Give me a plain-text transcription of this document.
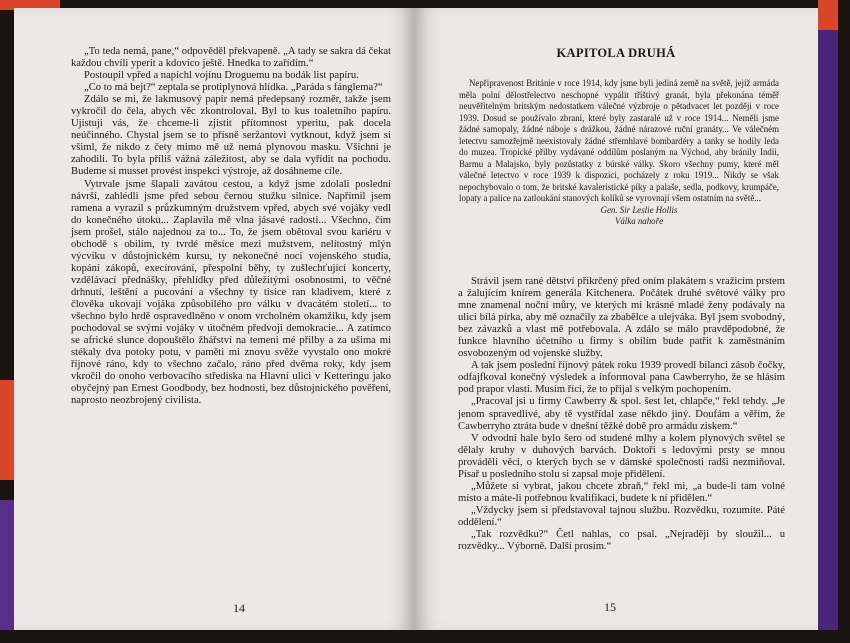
„To teda nemá, pane,“ odpověděl překvapeně. „A tady se sakra dá čekat každou chvíli yperit a kdovíco ještě. Hnedka to zařídím.“

Postoupil vpřed a napíchl vojínu Droguemu na bodák list papíru.

„Co to má bejt?“ zeptala se protiplynová hlídka. „Paráda s fánglema?“

Zdálo se mi, že lakmusový papír nemá předepsaný rozměr, takže jsem vykročil do čela, abych věc zkontroloval. Byl to kus toaletního papíru. Ujistuji vás, že chceme-li zjistit přítomnost yperitu, pak docela neúčinného. Chystal jsem se to přísně seržantovi vytknout, když jsem si všiml, že nikdo z čety mimo mě už nemá plynovou masku. Všichni je zahodili. To byla příliš vážná záležitost, aby se dala vyřídit na pochodu. Budeme si musset provést inspekci výstroje, až dosáhneme cíle.

Vytrvale jsme šlapali zavátou cestou, a když jsme zdolali poslední návrší, zahlédli jsme před sebou černou stužku silnice. Napřímil jsem ramena a vyrazil s průzkumným družstvem vpřed, abych své vojáky vedl do konečného útoku... Zaplavila mě vlna jásavé radosti... Všechno, čím jsem prošel, stálo najednou za to... To, že jsem obětoval svou kariéru v obchodě s obilím, ty tvrdé měsíce mezi mužstvem, nelítostný mlýn výcviku v důstojnickém kursu, ty nekonečné noci vojenského studia, kopání zákopů, execírování, přespolní běhy, ty zušlechťující koncerty, vzdělávací přednášky, přehlídky před důležitými osobnostmi, to věčné drhnutí, leštění a pucování a všechny ty tisíce ran kladivem, které z člověka ukovají vojáka způsobilého pro válku v dvacátém století... to všechno bylo hrdě ospravedlněno v onom vrcholném okamžiku, kdy jsem pochodoval se svými vojáky v útočném předvoji demokracie... A zatímco se africké slunce dopouštělo žhářství na temeni mé přilby a za ušima mi stékaly dva potoky potu, v paměti mi znovu svěže vyvstalo ono mokré říjnové ráno, kdy to všechno začalo, ráno před dvěma roky, kdy jsem vkročil do onoho verbovacího střediska na Hlavní ulici v Ketteringu jako obyčejný pan Ernest Goodbody, bez hodnosti, bez důstojnického pověření, naprosto neozbrojený civilista.

14
KAPITOLA DRUHÁ

Nepřipravenost Británie v roce 1914, kdy jsme byli jediná země na světě, jejíž armáda měla polní dělostřelectvo neschopné vypálit tříštivý granát, byla překonána téměř neuvěřitelným britským nedostatkem válečné výzbroje o pětadvacet let později v roce 1939. Dosud se používalo zbraní, které byly zastaralé už v roce 1914... Neměli jsme žádné samopaly, žádné náboje s drážkou, žádné nárazové ruční granáty... Ve válečném letectvu samozřejmě neexistovaly žádné střemhlavé bombardéry a tanky se hodily leda do muzea. Tropické přilby vydávané oddílům poslaným na Východ, aby bránily Indii, Barmu a Malajsko, byly pozůstatky z búrské války. Skoro všechny pumy, které měl válečné letectvo v roce 1939 k dispozici, pocházely z roku 1919... Nikdy se však nepochybovalo o tom, že britské kavaleristické píky a palaše, sedla, podkovy, krumpáče, lopaty a palice na zatloukání stanových kolíků se vyrovnají všem ostatním na světě...

Gen. Sir Leslie Hollis

Válka nahoře

Strávil jsem rané dětství přikrčený před oním plakátem s vražicím prstem a žalujícím knírem generála Kitchenera. Počátek druhé světové války pro mne znamenal noční můry, ve kterých mi krásné mladé ženy podávaly na ulici bílá pírka, aby mě označily za zbabělce a ulejváka. Byl jsem svobodný, bez závazků a vlast mě potřebovala. A zdálo se málo pravděpodobné, že funkce hlavního účetního u firmy s obilím bude patřit k zaměstnáním osvobozeným od vojenské služby.

A tak jsem poslední říjnový pátek roku 1939 provedl bilanci zásob čočky, odfajfkoval konečný výsledek a informoval pana Cawberryho, že se hlásím pod prapor vlasti. Musím říci, že to přijal s velkým pochopením.

„Pracoval jsi u firmy Cawberry & spol. šest let, chlapče,“ řekl tehdy. „Je jenom spravedlivé, aby tě vystřídal zase někdo jiný. Doufám a věřím, že Cawberryho ztráta bude v dnešní těžké době pro armádu ziskem.“

V odvodní hale bylo šero od studené mlhy a kolem plynových světel se dělaly kruhy v duhových barvách. Doktoři s ledovými prsty se mnou prováděli věci, o kterých bych se v dámské společnosti radši nezmiňoval. Písař u posledního stolu si zapsal moje přidělení.

„Můžete si vybrat, jakou chcete zbraň,“ řekl mi, „a bude-li tam volné místo a máte-li potřebnou kvalifikaci, budete k ní přidělen.“

„Vždycky jsem si představoval tajnou službu. Rozvědku, rozumíte. Páté oddělení.“

„Tak rozvědku?“ Četl nahlas, co psal. „Nejraději by sloužil... u rozvědky... Výborně. Další prosím.“

15
